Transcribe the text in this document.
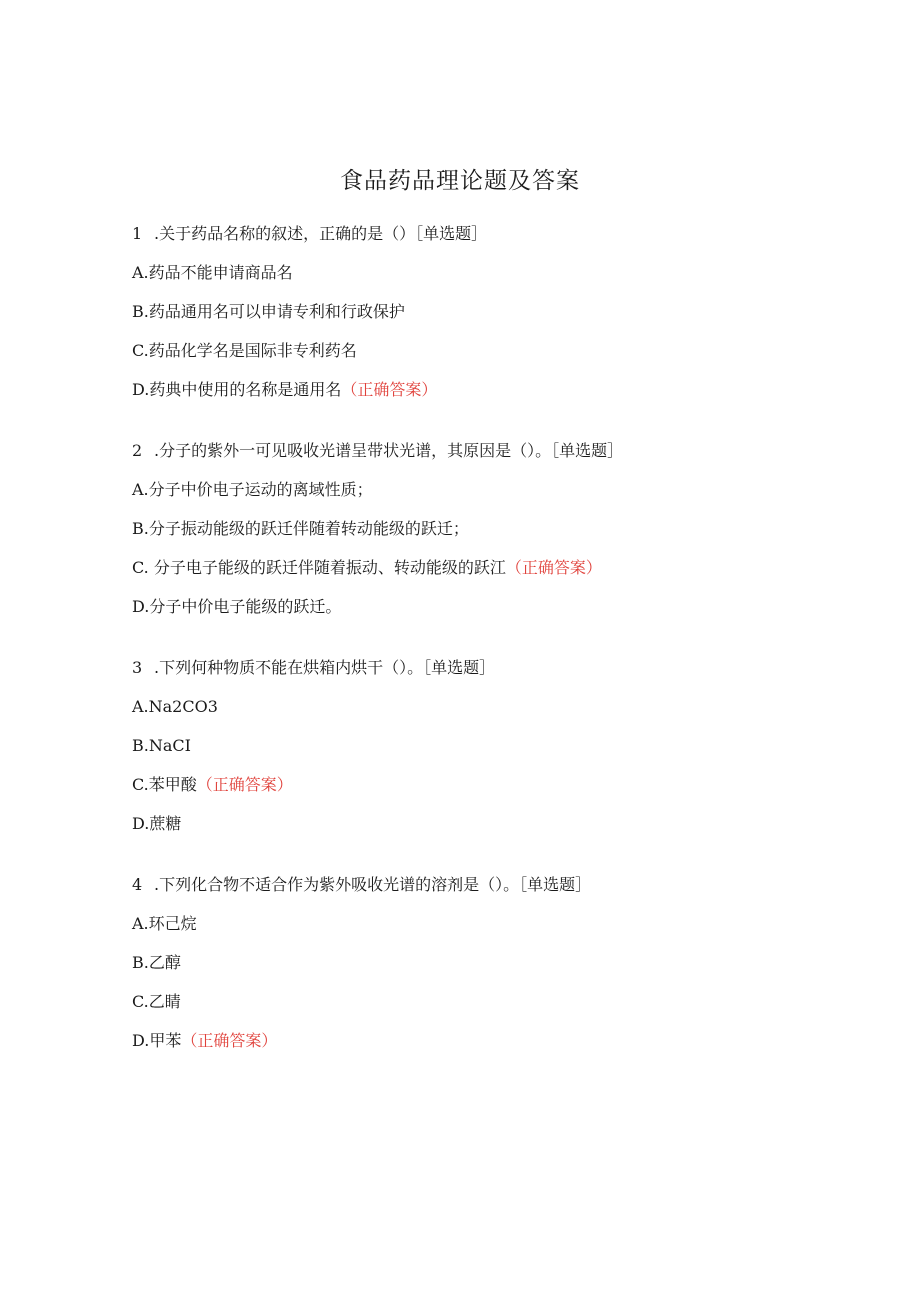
食品药品理论题及答案
1 .关于药品名称的叙述，正确的是（）［单选题］
A.药品不能申请商品名
B.药品通用名可以申请专利和行政保护
C.药品化学名是国际非专利药名
D.药典中使用的名称是通用名（正确答案）
2 .分子的紫外一可见吸收光谱呈带状光谱，其原因是（）。［单选题］
A.分子中价电子运动的离域性质；
B.分子振动能级的跃迁伴随着转动能级的跃迁；
C. 分子电子能级的跃迁伴随着振动、转动能级的跃江（正确答案）
D.分子中价电子能级的跃迁。
3 .下列何种物质不能在烘箱内烘干（）。［单选题］
A.Na2CO3
B.NaCI
C.苯甲酸（正确答案）
D.蔗糖
4 .下列化合物不适合作为紫外吸收光谱的溶剂是（）。［单选题］
A.环己烷
B.乙醇
C.乙睛
D.甲苯（正确答案）
